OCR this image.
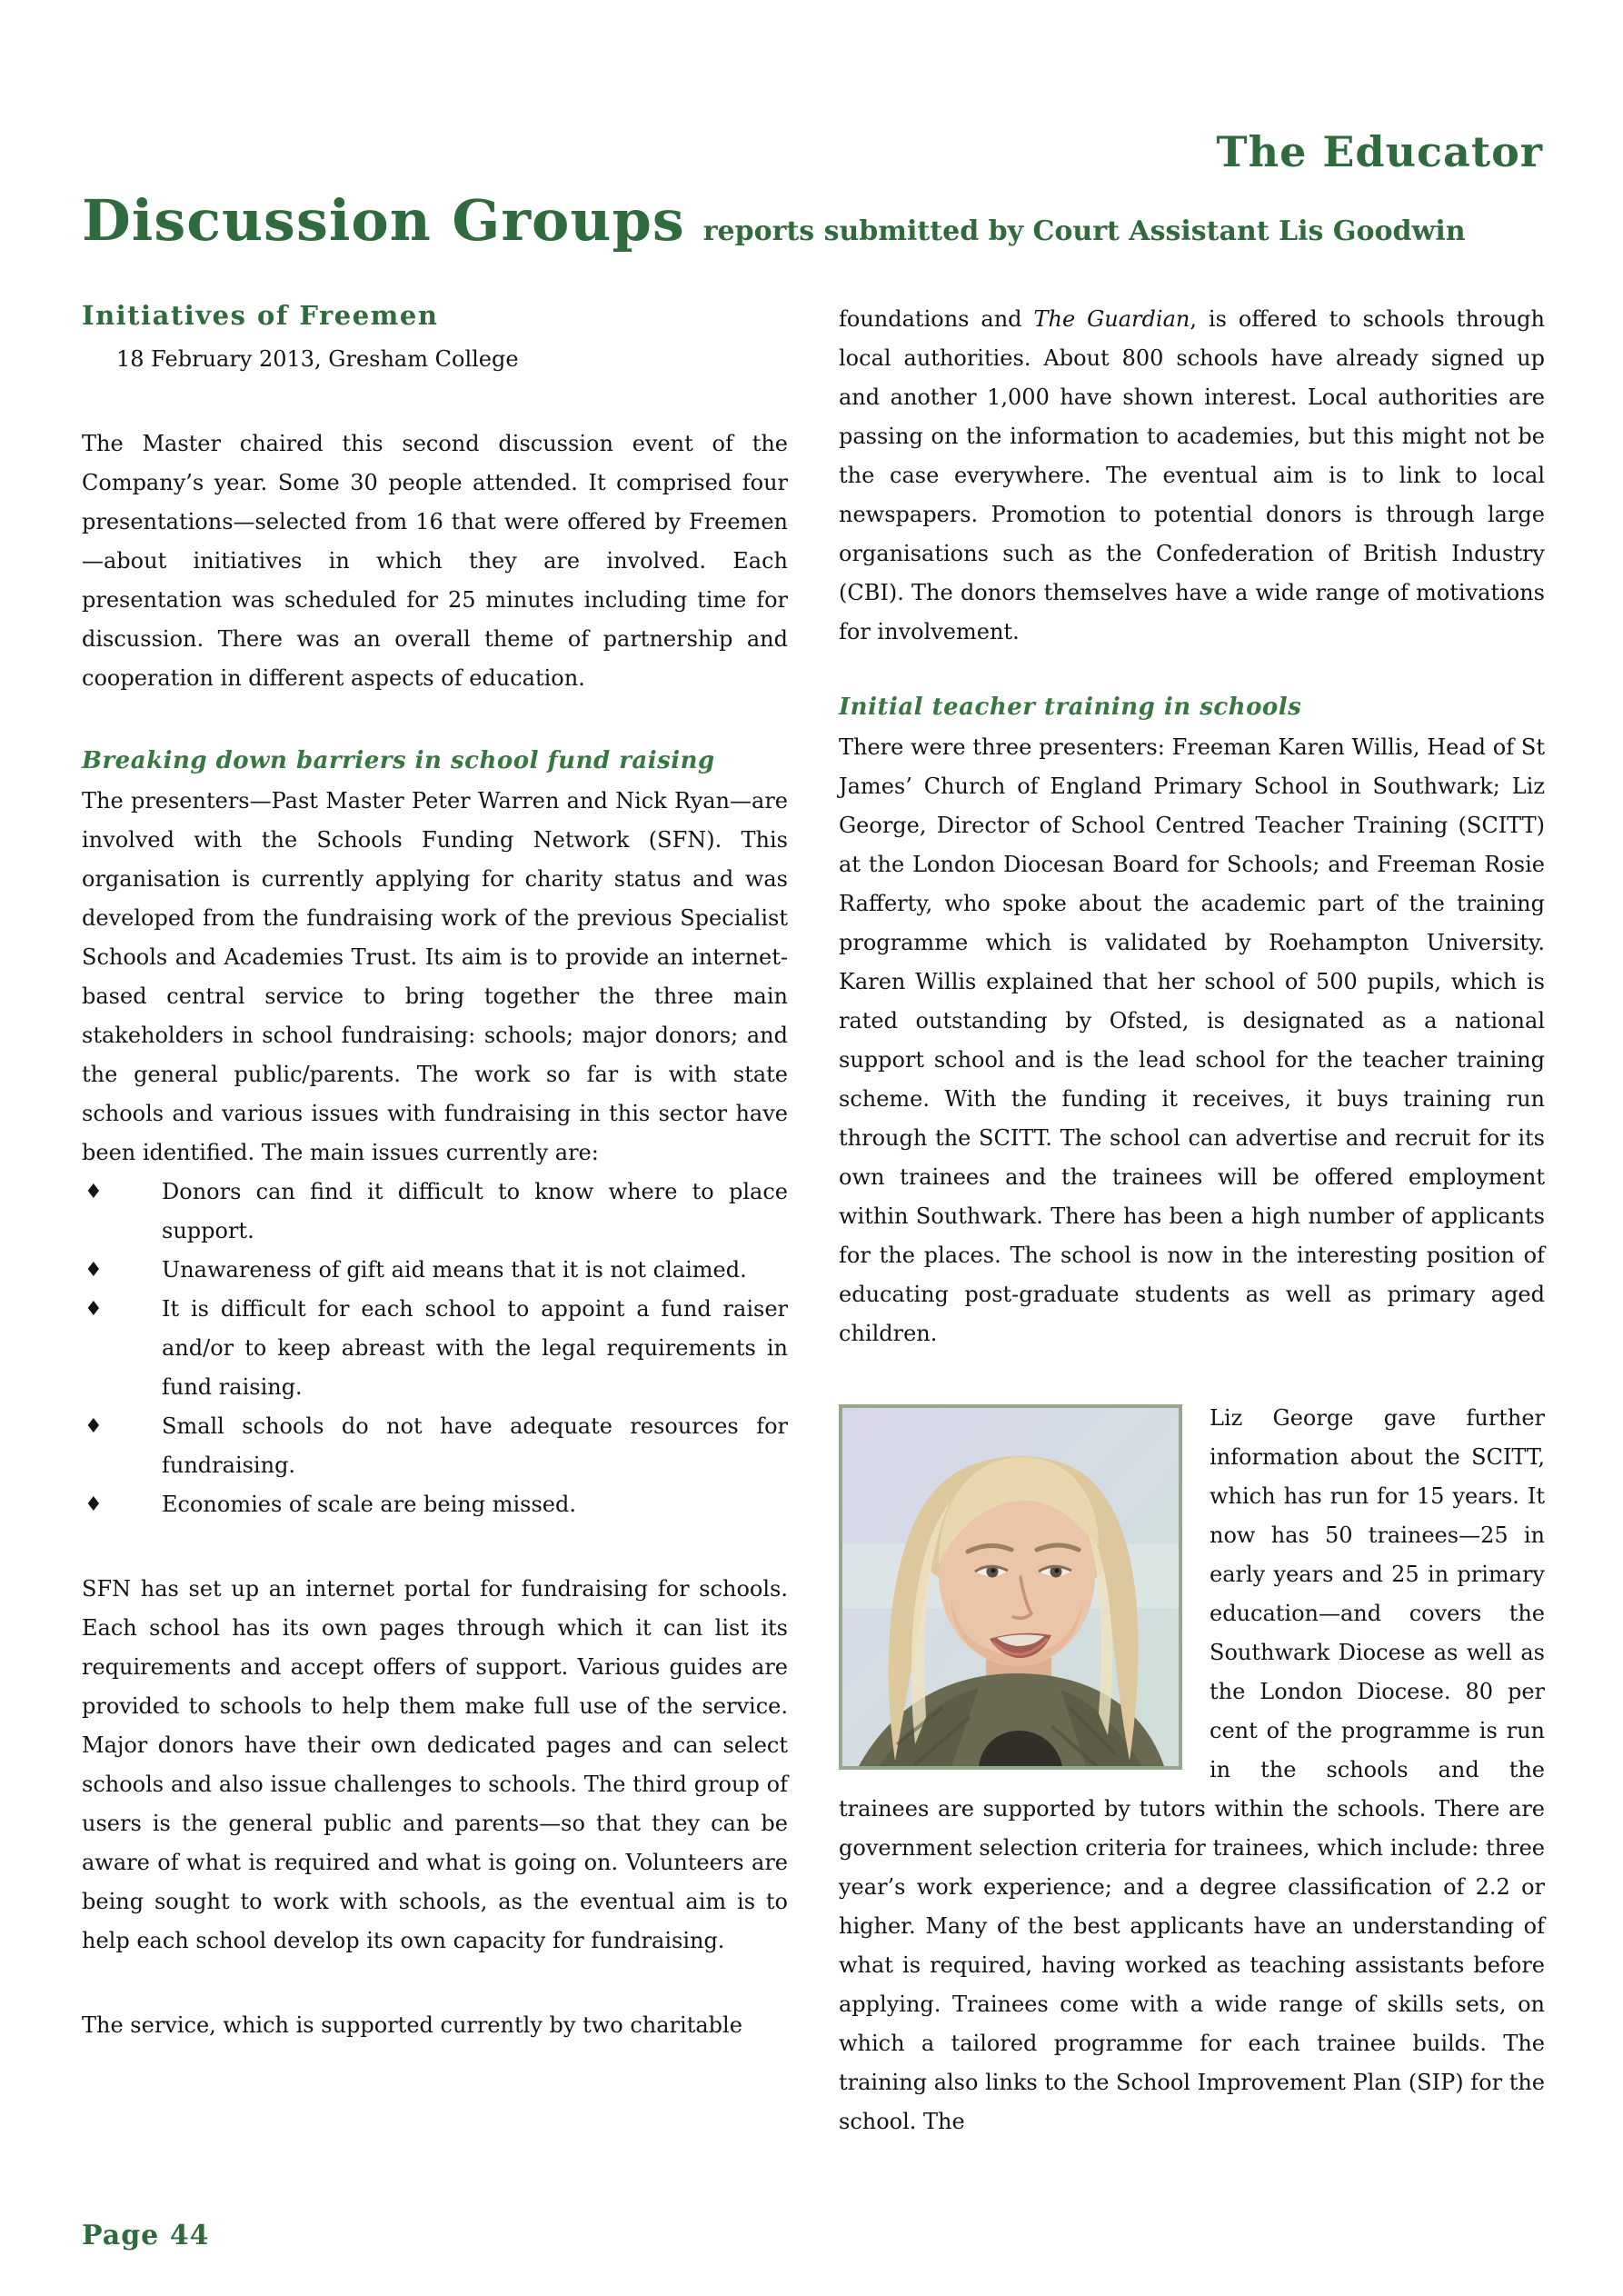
The Educator
Discussion Groups reports submitted by Court Assistant Lis Goodwin
Initiatives of Freemen

18 February 2013, Gresham College

The Master chaired this second discussion event of the Company’s year. Some 30 people attended. It comprised four presentations—selected from 16 that were offered by Freemen—about initiatives in which they are involved. Each presentation was scheduled for 25 minutes including time for discussion. There was an overall theme of partnership and cooperation in different aspects of education.

Breaking down barriers in school fund raising

The presenters—Past Master Peter Warren and Nick Ryan—are involved with the Schools Funding Network (SFN). This organisation is currently applying for charity status and was developed from the fundraising work of the previous Specialist Schools and Academies Trust. Its aim is to provide an internet-based central service to bring together the three main stakeholders in school fundraising: schools; major donors; and the general public/parents. The work so far is with state schools and various issues with fundraising in this sector have been identified. The main issues currently are:

♦	Donors can find it difficult to know where to place support.
♦	Unawareness of gift aid means that it is not claimed.
♦	It is difficult for each school to appoint a fund raiser and/or to keep abreast with the legal requirements in fund raising.
♦	Small schools do not have adequate resources for fundraising.
♦	Economies of scale are being missed.

SFN has set up an internet portal for fundraising for schools. Each school has its own pages through which it can list its requirements and accept offers of support. Various guides are provided to schools to help them make full use of the service. Major donors have their own dedicated pages and can select schools and also issue challenges to schools. The third group of users is the general public and parents—so that they can be aware of what is required and what is going on. Volunteers are being sought to work with schools, as the eventual aim is to help each school develop its own capacity for fundraising.

The service, which is supported currently by two charitable

foundations and The Guardian, is offered to schools through local authorities. About 800 schools have already signed up and another 1,000 have shown interest. Local authorities are passing on the information to academies, but this might not be the case everywhere. The eventual aim is to link to local newspapers. Promotion to potential donors is through large organisations such as the Confederation of British Industry (CBI). The donors themselves have a wide range of motivations for involvement.

Initial teacher training in schools

There were three presenters: Freeman Karen Willis, Head of St James’ Church of England Primary School in Southwark; Liz George, Director of School Centred Teacher Training (SCITT) at the London Diocesan Board for Schools; and Freeman Rosie Rafferty, who spoke about the academic part of the training programme which is validated by Roehampton University. Karen Willis explained that her school of 500 pupils, which is rated outstanding by Ofsted, is designated as a national support school and is the lead school for the teacher training scheme. With the funding it receives, it buys training run through the SCITT. The school can advertise and recruit for its own trainees and the trainees will be offered employment within Southwark. There has been a high number of applicants for the places. The school is now in the interesting position of educating post-graduate students as well as primary aged children.

Liz George gave further information about the SCITT, which has run for 15 years. It now has 50 trainees—25 in early years and 25 in primary education—and covers the Southwark Diocese as well as the London Diocese. 80 per cent of the programme is run in the schools and the trainees are supported by tutors within the schools. There are government selection criteria for trainees, which include: three year’s work experience; and a degree classification of 2.2 or higher. Many of the best applicants have an understanding of what is required, having worked as teaching assistants before applying. Trainees come with a wide range of skills sets, on which a tailored programme for each trainee builds. The training also links to the School Improvement Plan (SIP) for the school. The
Page 44
